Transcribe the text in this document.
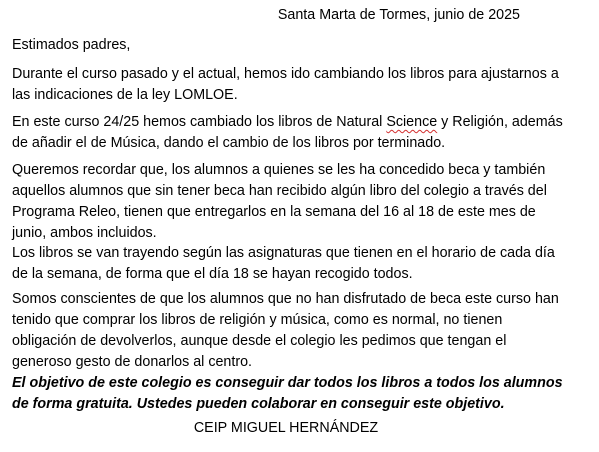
Santa Marta de Tormes, junio de 2025
Estimados padres,
Durante el curso pasado y el actual, hemos ido cambiando los libros para ajustarnos a
las indicaciones de la ley LOMLOE.
En este curso 24/25 hemos cambiado los libros de Natural Science y Religión, además
de añadir el de Música, dando el cambio de los libros por terminado.
Queremos recordar que, los alumnos a quienes se les ha concedido beca y también
aquellos alumnos que sin tener beca han recibido algún libro del colegio a través del
Programa Releo, tienen que entregarlos en la semana del 16 al 18 de este mes de
junio, ambos incluidos.
Los libros se van trayendo según las asignaturas que tienen en el horario de cada día
de la semana, de forma que el día 18 se hayan recogido todos.
Somos conscientes de que los alumnos que no han disfrutado de beca este curso han
tenido que comprar los libros de religión y música, como es normal, no tienen
obligación de devolverlos, aunque desde el colegio les pedimos que tengan el
generoso gesto de donarlos al centro.
El objetivo de este colegio es conseguir dar todos los libros a todos los alumnos
de forma gratuita. Ustedes pueden colaborar en conseguir este objetivo.
CEIP MIGUEL HERNÁNDEZ
